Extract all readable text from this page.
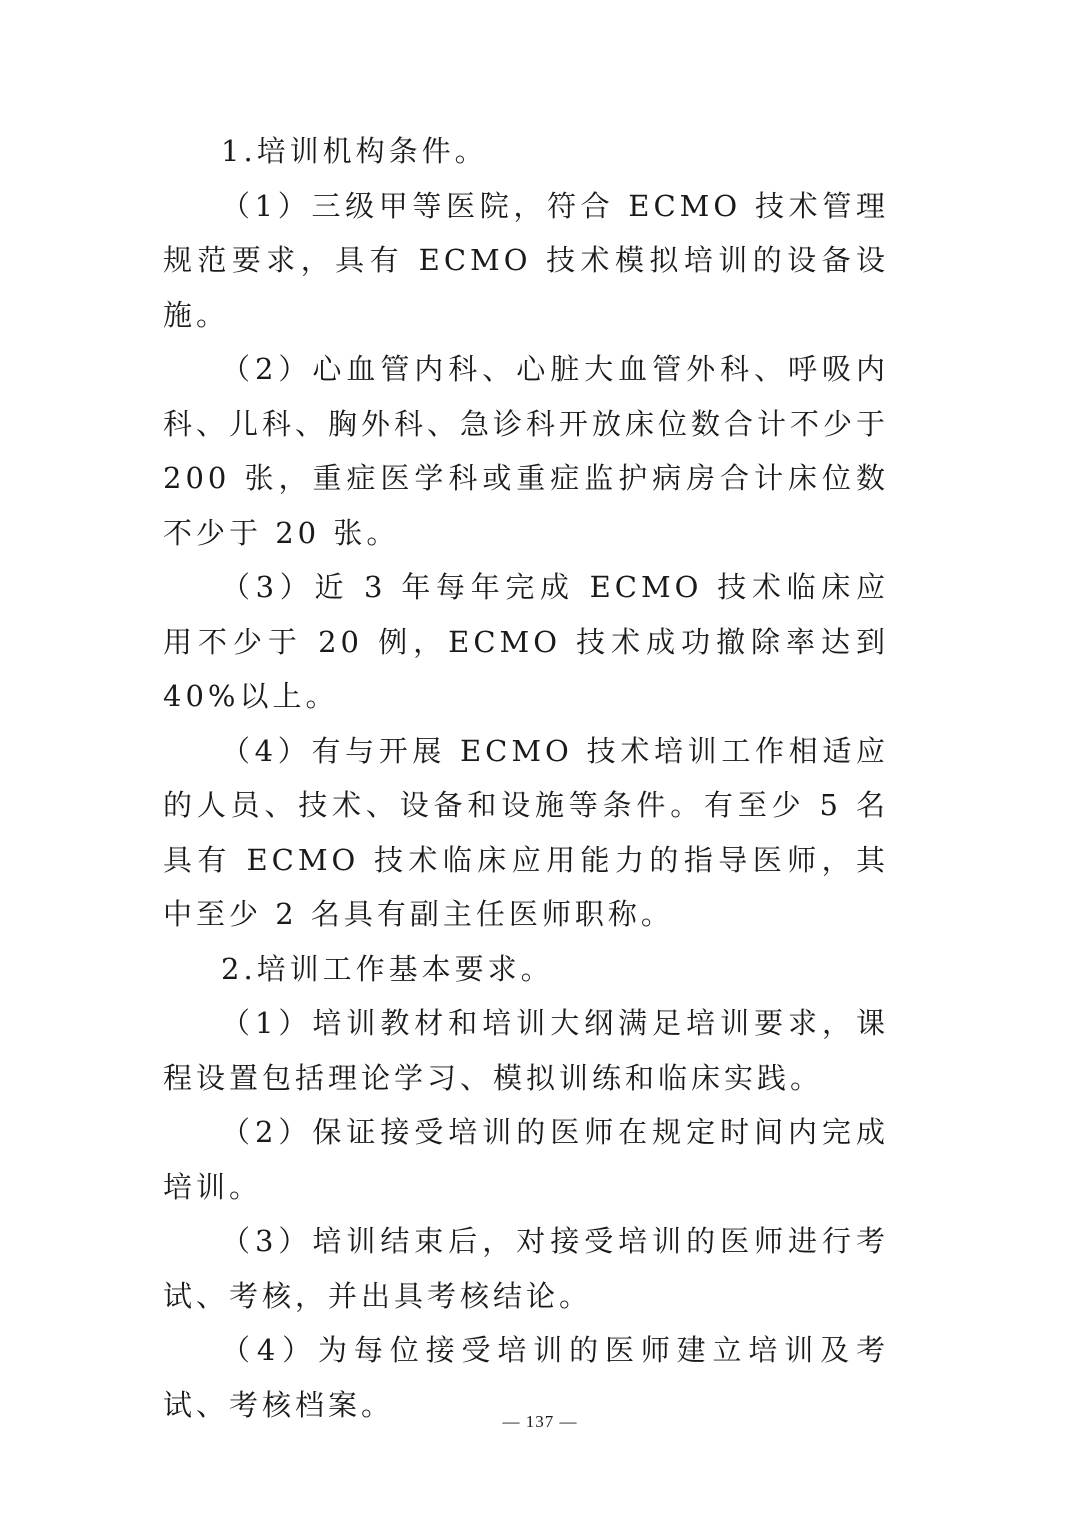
1.培训机构条件。

（1）三级甲等医院，符合 ECMO 技术管理规范要求，具有 ECMO 技术模拟培训的设备设施。

（2）心血管内科、心脏大血管外科、呼吸内科、儿科、胸外科、急诊科开放床位数合计不少于 200 张，重症医学科或重症监护病房合计床位数不少于 20 张。

（3）近 3 年每年完成 ECMO 技术临床应用不少于 20 例，ECMO 技术成功撤除率达到 40%以上。

（4）有与开展 ECMO 技术培训工作相适应的人员、技术、设备和设施等条件。有至少 5 名具有 ECMO 技术临床应用能力的指导医师，其中至少 2 名具有副主任医师职称。

2.培训工作基本要求。

（1）培训教材和培训大纲满足培训要求，课程设置包括理论学习、模拟训练和临床实践。

（2）保证接受培训的医师在规定时间内完成培训。

（3）培训结束后，对接受培训的医师进行考试、考核，并出具考核结论。

（4）为每位接受培训的医师建立培训及考试、考核档案。	— 137 —
